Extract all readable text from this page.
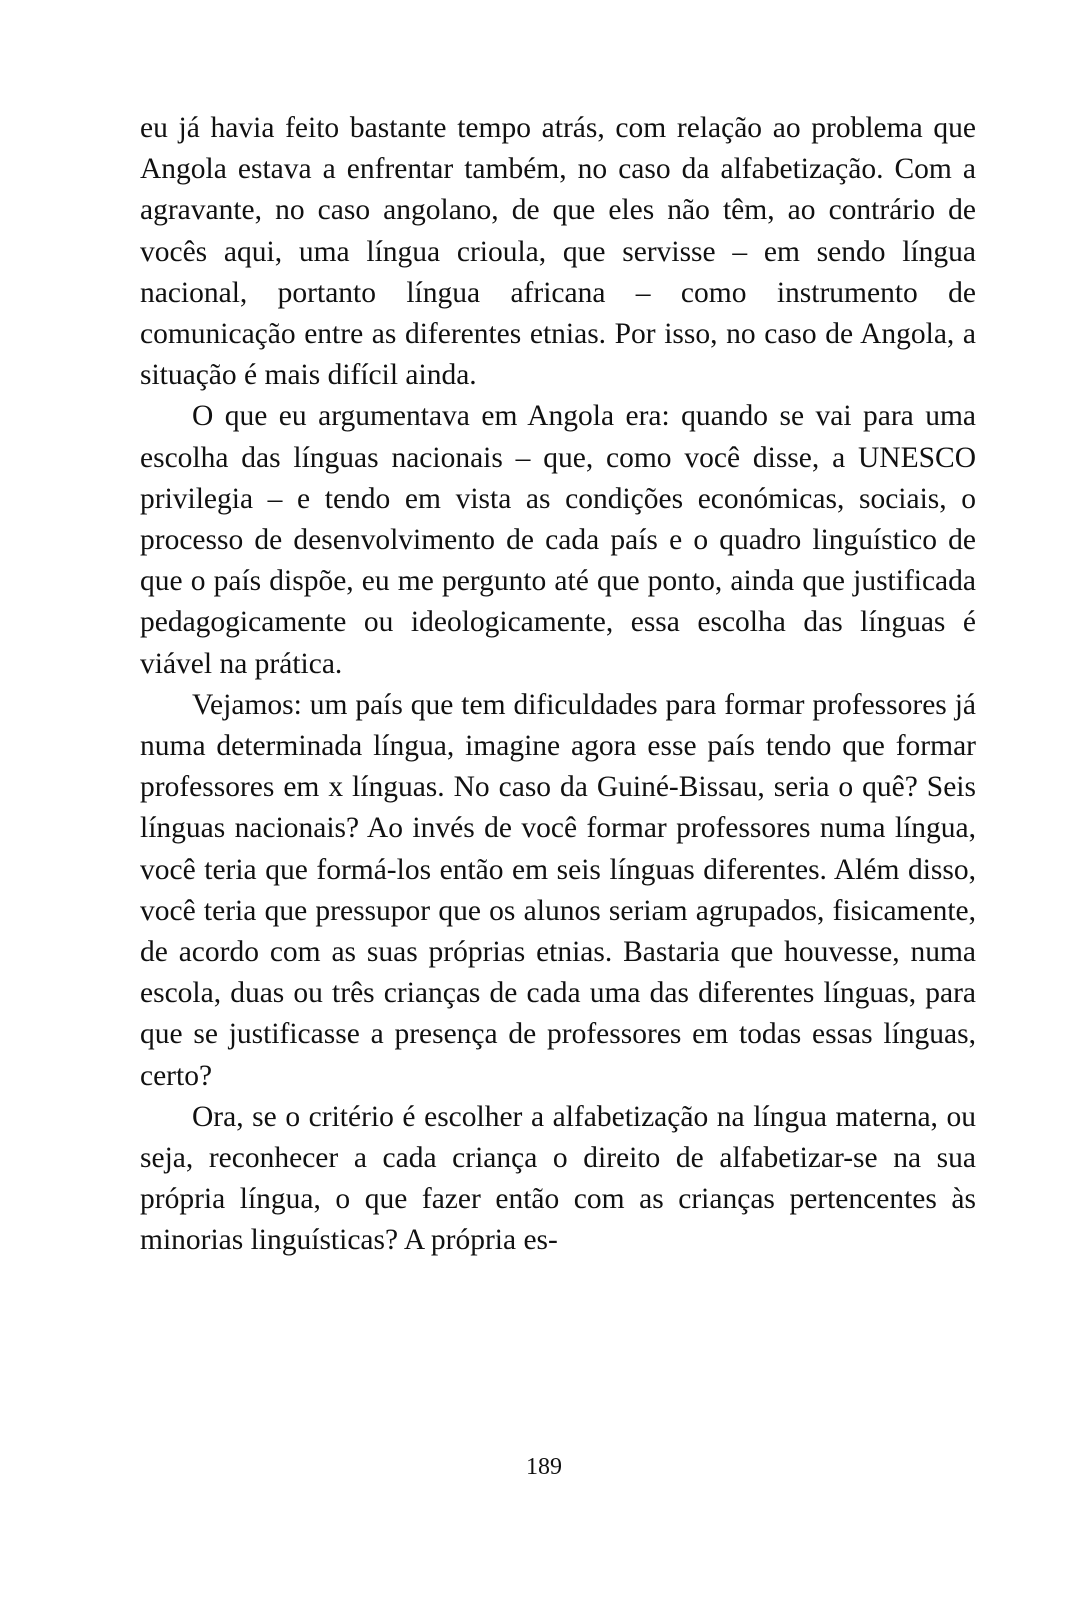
eu já havia feito bastante tempo atrás, com relação ao problema que Angola estava a enfrentar também, no caso da alfabetização. Com a agravante, no caso angolano, de que eles não têm, ao contrário de vocês aqui, uma língua crioula, que servisse – em sendo língua nacional, portanto língua africana – como instrumento de comunicação entre as diferentes etnias. Por isso, no caso de Angola, a situação é mais difícil ainda.

O que eu argumentava em Angola era: quando se vai para uma escolha das línguas nacionais – que, como você disse, a UNESCO privilegia – e tendo em vista as condições económicas, sociais, o processo de desenvolvimento de cada país e o quadro linguístico de que o país dispõe, eu me pergunto até que ponto, ainda que justificada pedagogicamente ou ideologicamente, essa escolha das línguas é viável na prática.

Vejamos: um país que tem dificuldades para formar professores já numa determinada língua, imagine agora esse país tendo que formar professores em x línguas. No caso da Guiné-Bissau, seria o quê? Seis línguas nacionais? Ao invés de você formar professores numa língua, você teria que formá-los então em seis línguas diferentes. Além disso, você teria que pressupor que os alunos seriam agrupados, fisicamente, de acordo com as suas próprias etnias. Bastaria que houvesse, numa escola, duas ou três crianças de cada uma das diferentes línguas, para que se justificasse a presença de professores em todas essas línguas, certo?

Ora, se o critério é escolher a alfabetização na língua materna, ou seja, reconhecer a cada criança o direito de alfabetizar-se na sua própria língua, o que fazer então com as crianças pertencentes às minorias linguísticas? A própria es-

189
